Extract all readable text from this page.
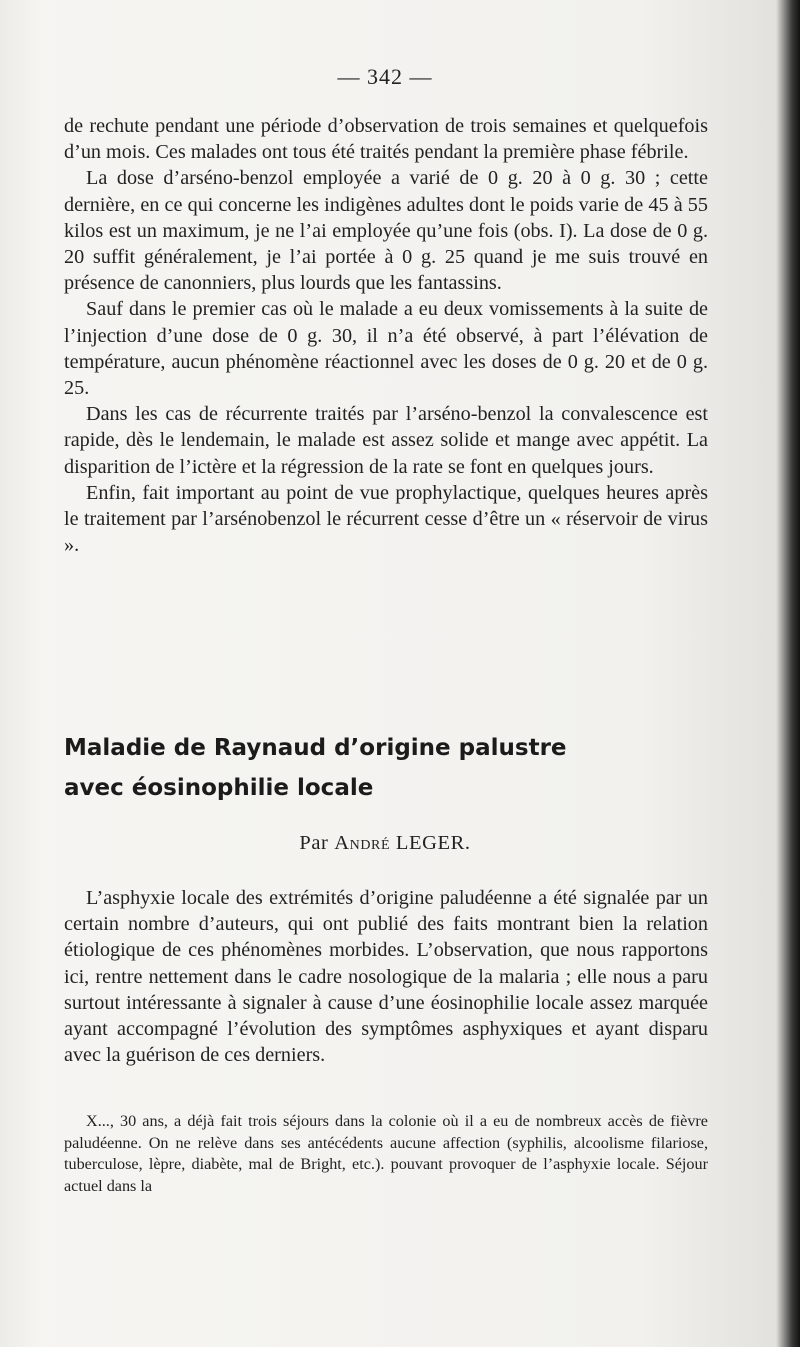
— 342 —

de rechute pendant une période d’observation de trois semaines et quelquefois d’un mois. Ces malades ont tous été traités pendant la première phase fébrile.

La dose d’arséno-benzol employée a varié de 0 g. 20 à 0 g. 30 ; cette dernière, en ce qui concerne les indigènes adultes dont le poids varie de 45 à 55 kilos est un maximum, je ne l’ai employée qu’une fois (obs. I). La dose de 0 g. 20 suffit généralement, je l’ai portée à 0 g. 25 quand je me suis trouvé en présence de canonniers, plus lourds que les fantassins.

Sauf dans le premier cas où le malade a eu deux vomissements à la suite de l’injection d’une dose de 0 g. 30, il n’a été observé, à part l’élévation de température, aucun phénomène réactionnel avec les doses de 0 g. 20 et de 0 g. 25.

Dans les cas de récurrente traités par l’arséno-benzol la convalescence est rapide, dès le lendemain, le malade est assez solide et mange avec appétit. La disparition de l’ictère et la régression de la rate se font en quelques jours.

Enfin, fait important au point de vue prophylactique, quelques heures après le traitement par l’arsénobenzol le récurrent cesse d’être un « réservoir de virus ».

Maladie de Raynaud d’origine palustre
avec éosinophilie locale
Par André LEGER.

L’asphyxie locale des extrémités d’origine paludéenne a été signalée par un certain nombre d’auteurs, qui ont publié des faits montrant bien la relation étiologique de ces phénomènes morbides. L’observation, que nous rapportons ici, rentre nettement dans le cadre nosologique de la malaria ; elle nous a paru surtout intéressante à signaler à cause d’une éosinophilie locale assez marquée ayant accompagné l’évolution des symptômes asphyxiques et ayant disparu avec la guérison de ces derniers.

X..., 30 ans, a déjà fait trois séjours dans la colonie où il a eu de nombreux accès de fièvre paludéenne. On ne relève dans ses antécédents aucune affection (syphilis, alcoolisme filariose, tuberculose, lèpre, diabète, mal de Bright, etc.). pouvant provoquer de l’asphyxie locale. Séjour actuel dans la
